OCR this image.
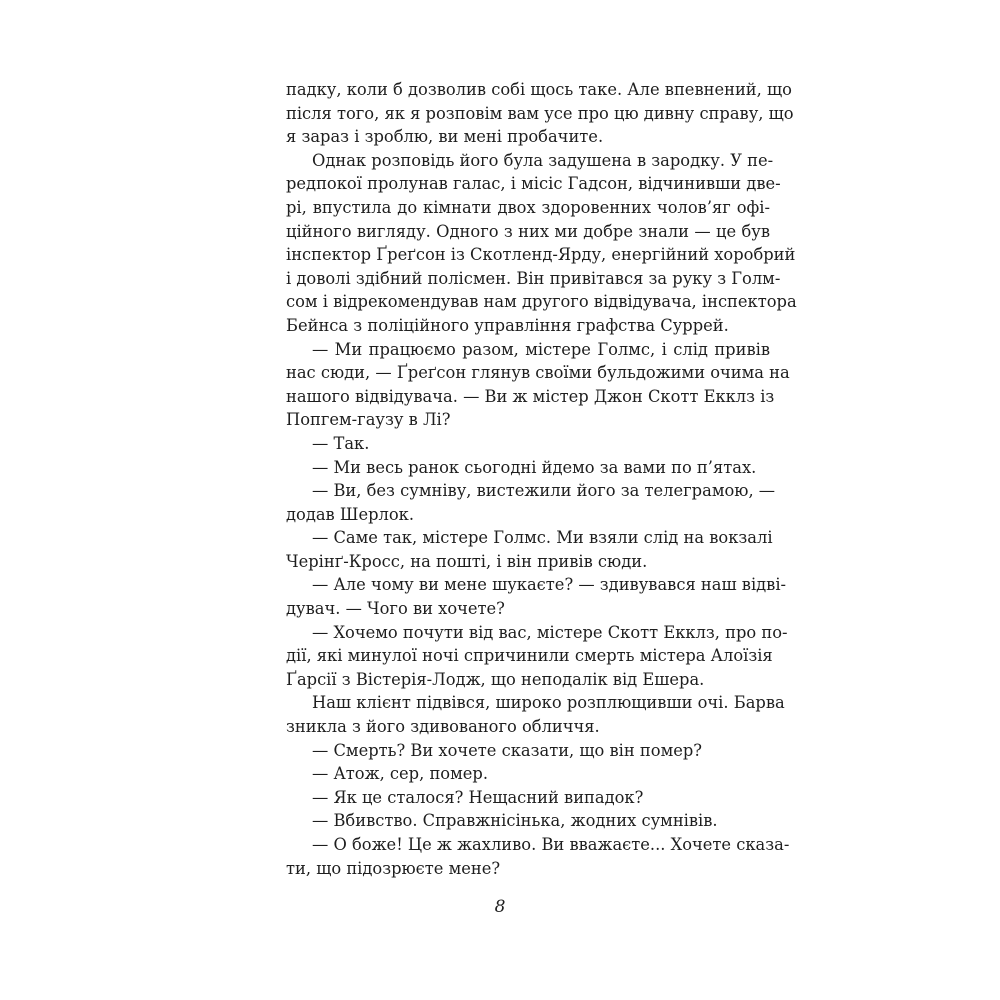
падку, коли б дозволив собі щось таке. Але впевнений, що
після того, як я розповім вам усе про цю дивну справу, що
я зараз і зроблю, ви мені пробачите.
Однак розповідь його була задушена в зародку. У пе-
редпокої пролунав галас, і місіс Гадсон, відчинивши две-
рі, впустила до кімнати двох здоровенних чолов’яг офі-
ційного вигляду. Одного з них ми добре знали — це був
інспектор Ґреґсон із Скотленд-Ярду, енергійний хоробрий
і доволі здібний полісмен. Він привітався за руку з Голм-
сом і відрекомендував нам другого відвідувача, інспектора
Бейнса з поліційного управління графства Суррей.
— Ми працюємо разом, містере Голмс, і слід привів
нас сюди, — Ґреґсон глянув своїми бульдожими очима на
нашого відвідувача. — Ви ж містер Джон Скотт Екклз із
Попгем-гаузу в Лі?
— Так.
— Ми весь ранок сьогодні йдемо за вами по п’ятах.
— Ви, без сумніву, вистежили його за телеграмою, —
додав Шерлок.
— Саме так, містере Голмс. Ми взяли слід на вокзалі
Черінґ-Кросс, на пошті, і він привів сюди.
— Але чому ви мене шукаєте? — здивувався наш відві-
дувач. — Чого ви хочете?
— Хочемо почути від вас, містере Скотт Екклз, про по-
дії, які минулої ночі спричинили смерть містера Алоїзія
Ґарсії з Вістерія-Лодж, що неподалік від Ешера.
Наш клієнт підвівся, широко розплющивши очі. Барва
зникла з його здивованого обличчя.
— Смерть? Ви хочете сказати, що він помер?
— Атож, сер, помер.
— Як це сталося? Нещасний випадок?
— Вбивство. Справжнісінька, жодних сумнівів.
— О боже! Це ж жахливо. Ви вважаєте... Хочете сказа-
ти, що підозрюєте мене?
8
